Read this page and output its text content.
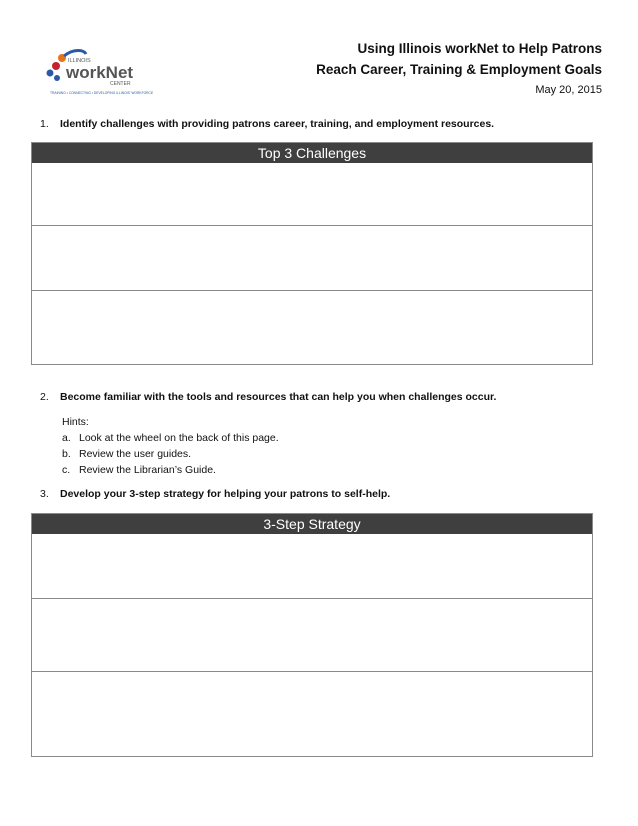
ILLINOIS
workNet
CENTER
TRAINING • CONNECTING • DEVELOPING ILLINOIS' WORKFORCE
Using Illinois workNet to Help Patrons
Reach Career, Training & Employment Goals
May 20, 2015
1. Identify challenges with providing patrons career, training, and employment resources.
Top 3 Challenges
2. Become familiar with the tools and resources that can help you when challenges occur.
Hints:
a. Look at the wheel on the back of this page.
b. Review the user guides.
c. Review the Librarian’s Guide.
3. Develop your 3-step strategy for helping your patrons to self-help.
3-Step Strategy
